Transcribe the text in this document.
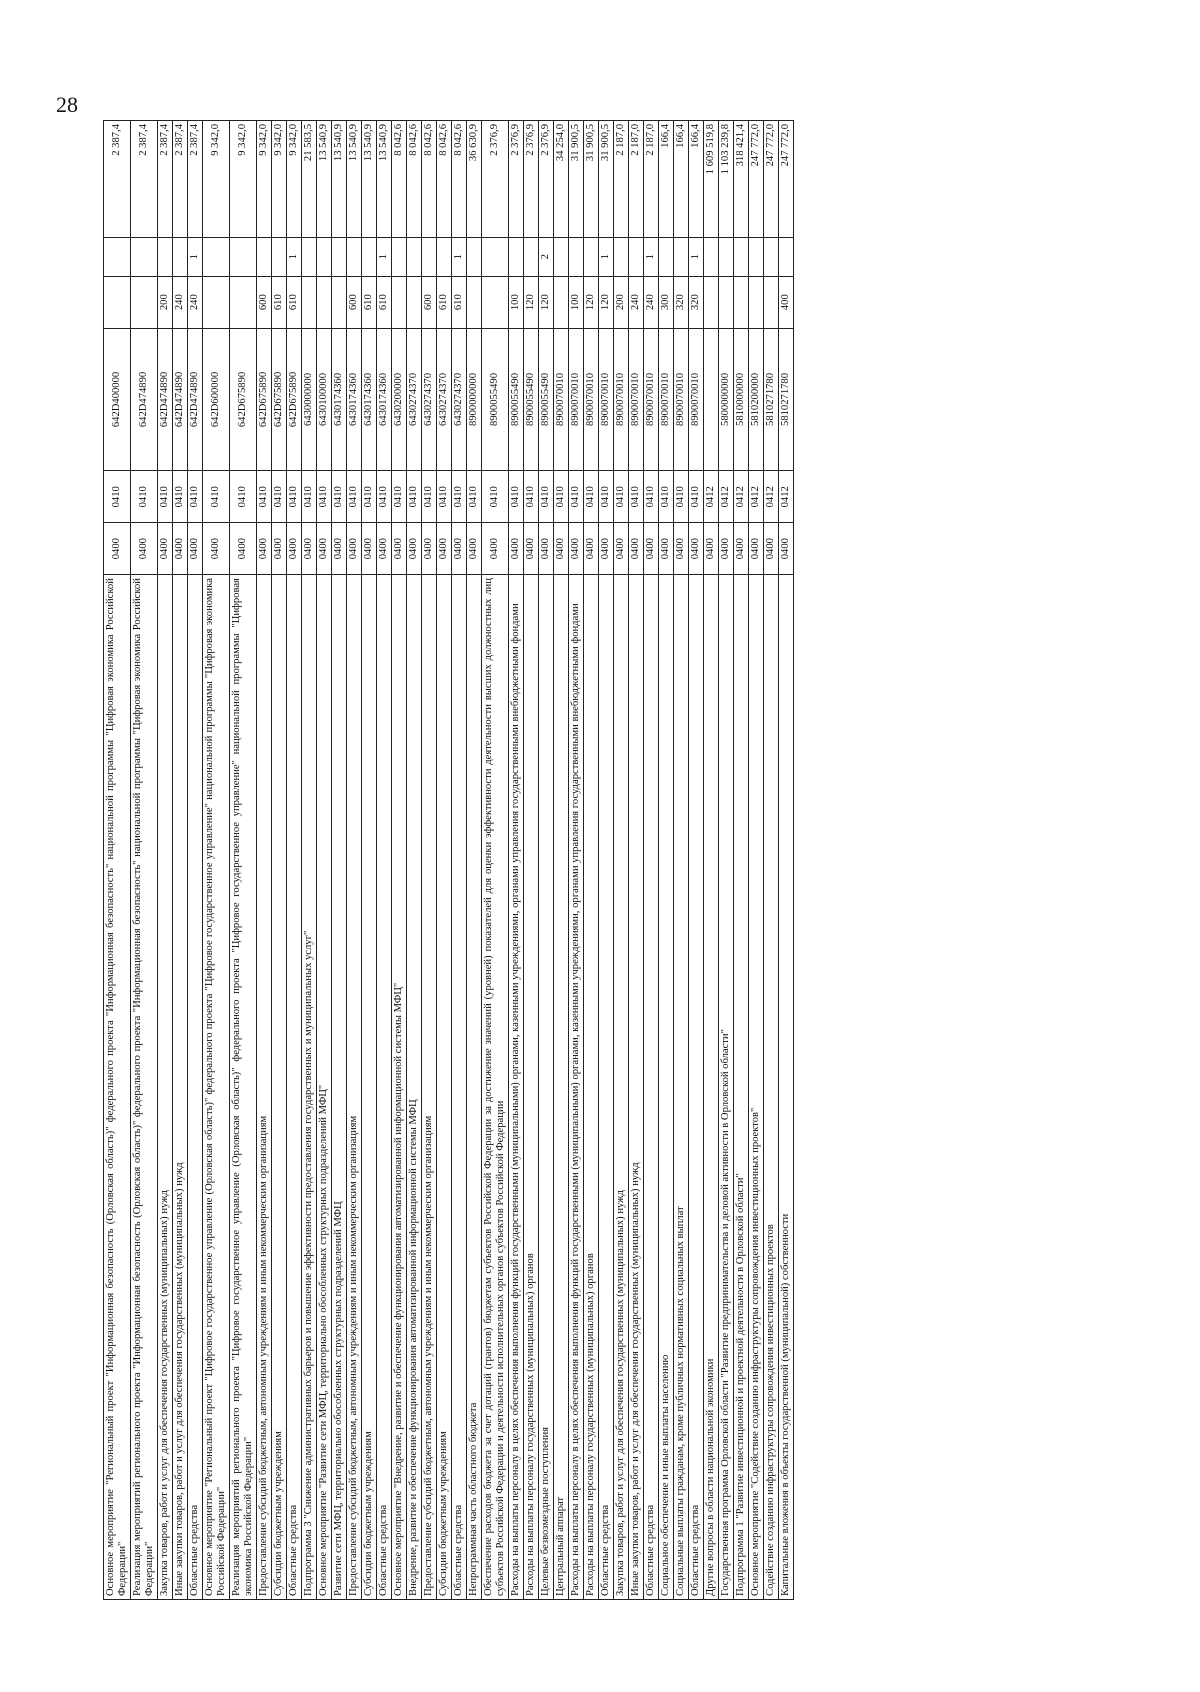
28
Основное мероприятие "Региональный проект "Информационная безопасность (Орловская область)" федерального проекта "Информационная безопасность" национальной программы "Цифровая экономика Российской Федерации"	0400	0410	642D400000			2 387,4
Реализация мероприятий регионального проекта "Информационная безопасность (Орловская область)" федерального проекта "Информационная безопасность" национальной программы "Цифровая экономика Российской Федерации"	0400	0410	642D474890			2 387,4
Закупка товаров, работ и услуг для обеспечения государственных (муниципальных) нужд	0400	0410	642D474890	200		2 387,4
Иные закупки товаров, работ и услуг для обеспечения государственных (муниципальных) нужд	0400	0410	642D474890	240		2 387,4
Областные средства	0400	0410	642D474890	240	1	2 387,4
Основное мероприятие "Региональный проект "Цифровое государственное управление (Орловская область)" федерального проекта "Цифровое государственное управление" национальной программы "Цифровая экономика Российской Федерации"	0400	0410	642D600000			9 342,0
Реализация мероприятий регионального проекта "Цифровое государственное управление (Орловская область)" федерального проекта "Цифровое государственное управление" национальной программы "Цифровая экономика Российской Федерации"	0400	0410	642D675890			9 342,0
Предоставление субсидий бюджетным, автономным учреждениям и иным некоммерческим организациям	0400	0410	642D675890	600		9 342,0
Субсидии бюджетным учреждениям	0400	0410	642D675890	610		9 342,0
Областные средства	0400	0410	642D675890	610	1	9 342,0
Подпрограмма 3 "Снижение административных барьеров и повышение эффективности предоставления государственных и муниципальных услуг"	0400	0410	6430000000			21 583,5
Основное мероприятие "Развитие сети МФЦ, территориально обособленных структурных подразделений МФЦ"	0400	0410	6430100000			13 540,9
Развитие сети МФЦ, территориально обособленных структурных подразделений МФЦ	0400	0410	6430174360			13 540,9
Предоставление субсидий бюджетным, автономным учреждениям и иным некоммерческим организациям	0400	0410	6430174360	600		13 540,9
Субсидии бюджетным учреждениям	0400	0410	6430174360	610		13 540,9
Областные средства	0400	0410	6430174360	610	1	13 540,9
Основное мероприятие "Внедрение, развитие и обеспечение функционирования автоматизированной информационной системы МФЦ"	0400	0410	6430200000			8 042,6
Внедрение, развитие и обеспечение функционирования автоматизированной информационной системы МФЦ	0400	0410	6430274370			8 042,6
Предоставление субсидий бюджетным, автономным учреждениям и иным некоммерческим организациям	0400	0410	6430274370	600		8 042,6
Субсидии бюджетным учреждениям	0400	0410	6430274370	610		8 042,6
Областные средства	0400	0410	6430274370	610	1	8 042,6
Непрограммная часть областного бюджета	0400	0410	8900000000			36 630,9
Обеспечение расходов бюджета за счет дотаций (грантов) бюджетам субъектов Российской Федерации за достижение значений (уровней) показателей для оценки эффективности деятельности высших должностных лиц субъектов Российской Федерации и деятельности исполнительных органов субъектов Российской Федерации	0400	0410	8900055490			2 376,9
Расходы на выплаты персоналу в целях обеспечения выполнения функций государственными (муниципальными) органами, казенными учреждениями, органами управления государственными внебюджетными фондами	0400	0410	8900055490	100		2 376,9
Расходы на выплаты персоналу государственных (муниципальных) органов	0400	0410	8900055490	120		2 376,9
Целевые безвозмездные поступления	0400	0410	8900055490	120	2	2 376,9
Центральный аппарат	0400	0410	8900070010			34 254,0
Расходы на выплаты персоналу в целях обеспечения выполнения функций государственными (муниципальными) органами, казенными учреждениями, органами управления государственными внебюджетными фондами	0400	0410	8900070010	100		31 900,5
Расходы на выплаты персоналу государственных (муниципальных) органов	0400	0410	8900070010	120		31 900,5
Областные средства	0400	0410	8900070010	120	1	31 900,5
Закупка товаров, работ и услуг для обеспечения государственных (муниципальных) нужд	0400	0410	8900070010	200		2 187,0
Иные закупки товаров, работ и услуг для обеспечения государственных (муниципальных) нужд	0400	0410	8900070010	240		2 187,0
Областные средства	0400	0410	8900070010	240	1	2 187,0
Социальное обеспечение и иные выплаты населению	0400	0410	8900070010	300		166,4
Социальные выплаты гражданам, кроме публичных нормативных социальных выплат	0400	0410	8900070010	320		166,4
Областные средства	0400	0410	8900070010	320	1	166,4
Другие вопросы в области национальной экономики	0400	0412				1 609 519,8
Государственная программа Орловской области "Развитие предпринимательства и деловой активности в Орловской области"	0400	0412	5800000000			1 103 239,8
Подпрограмма 1 "Развитие инвестиционной и проектной деятельности в Орловской области"	0400	0412	5810000000			318 421,4
Основное мероприятие "Содействие созданию инфраструктуры сопровождения инвестиционных проектов"	0400	0412	5810200000			247 772,0
Содействие созданию инфраструктуры сопровождения инвестиционных проектов	0400	0412	5810271780			247 772,0
Капитальные вложения в объекты государственной (муниципальной) собственности	0400	0412	5810271780	400		247 772,0
